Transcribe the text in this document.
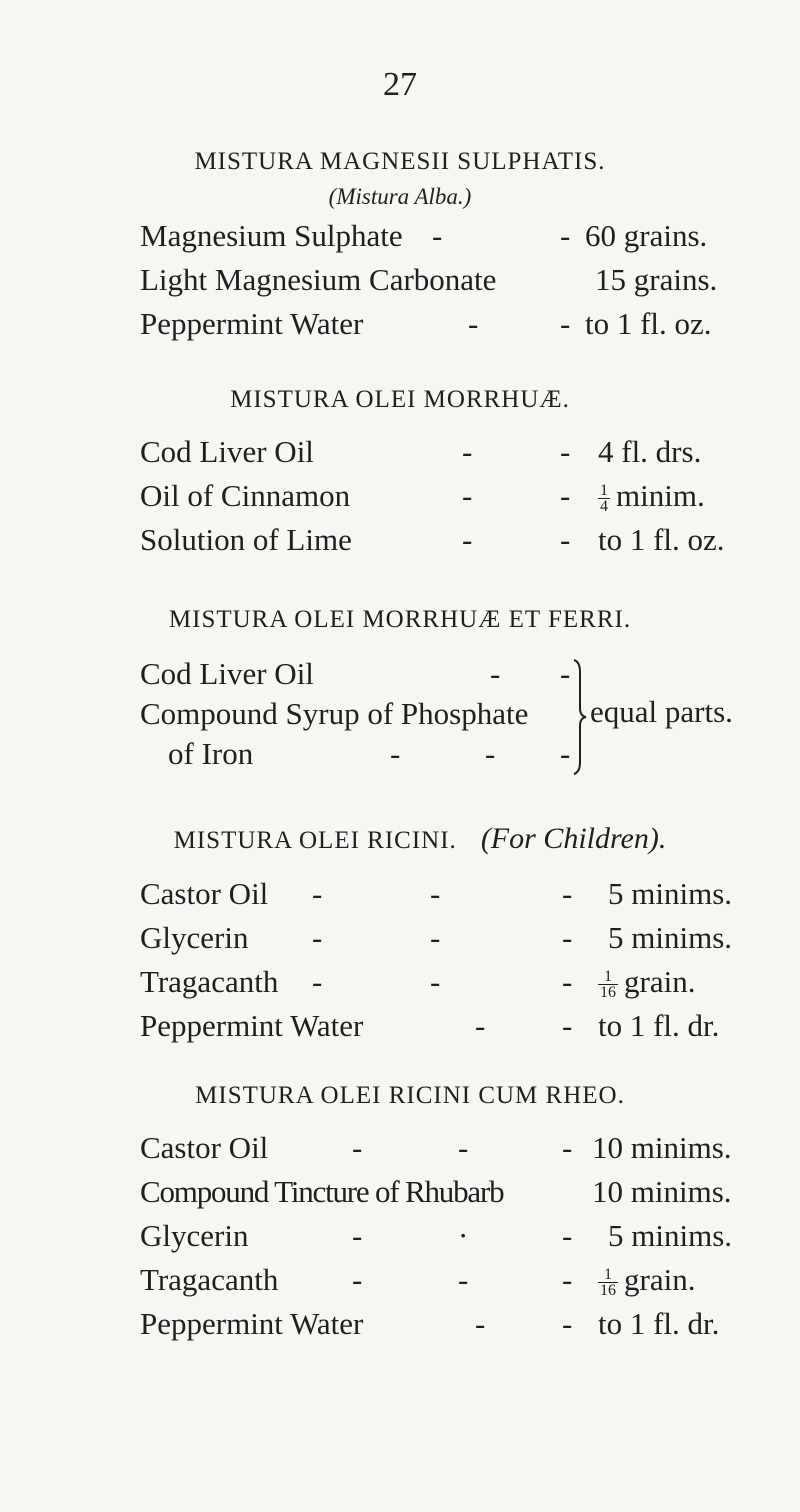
27
MISTURA MAGNESII SULPHATIS.
(Mistura Alba.)
Magnesium Sulphate -	- 60 grains.
Light Magnesium Carbonate	15 grains.
Peppermint Water	-	- to 1 fl. oz.
MISTURA OLEI MORRHUÆ.
Cod Liver Oil	-	- 4 fl. drs.
Oil of Cinnamon	-	- $\frac{1}{4}$ minim.
Solution of Lime	-	- to 1 fl. oz.
MISTURA OLEI MORRHUÆ ET FERRI.
Cod Liver Oil	- -
Compound Syrup of Phosphate
of Iron	-	- -
equal parts.
MISTURA OLEI RICINI. (For Children).
Castor Oil -	-	- 5 minims.
Glycerin -	-	- 5 minims.
Tragacanth -	-	- $\frac{1}{16}$ grain.
Peppermint Water	- - to 1 fl. dr.
MISTURA OLEI RICINI CUM RHEO.
Castor Oil	-	-	- 10 minims.
Compound Tincture of Rhubarb	10 minims.
Glycerin	-	·	- 5 minims.
Tragacanth -	-	- $\frac{1}{16}$ grain.
Peppermint Water	- - to 1 fl. dr.
